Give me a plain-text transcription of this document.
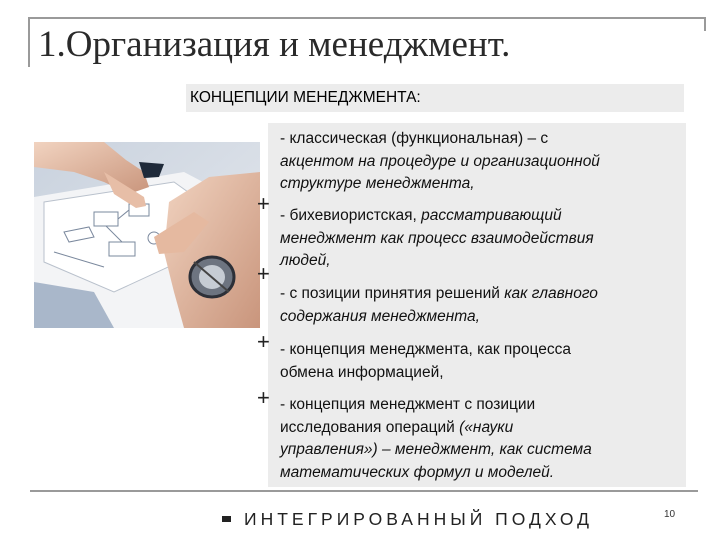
1.Организация и менеджмент.
КОНЦЕПЦИИ МЕНЕДЖМЕНТА:
+
+
+
+
- классическая (функциональная) – с
акцентом на процедуре и организационной
структуре менеджмента,
- бихевиористская, рассматривающий
менеджмент как процесс взаимодействия
людей,
- с позиции принятия решений как главного
содержания менеджмента,
- концепция менеджмента, как процесса
обмена информацией,
- концепция менеджмент с позиции
исследования операций («науки
управления») – менеджмент, как система
математических формул и моделей.
ИНТЕГРИРОВАННЫЙ ПОДХОД	10
